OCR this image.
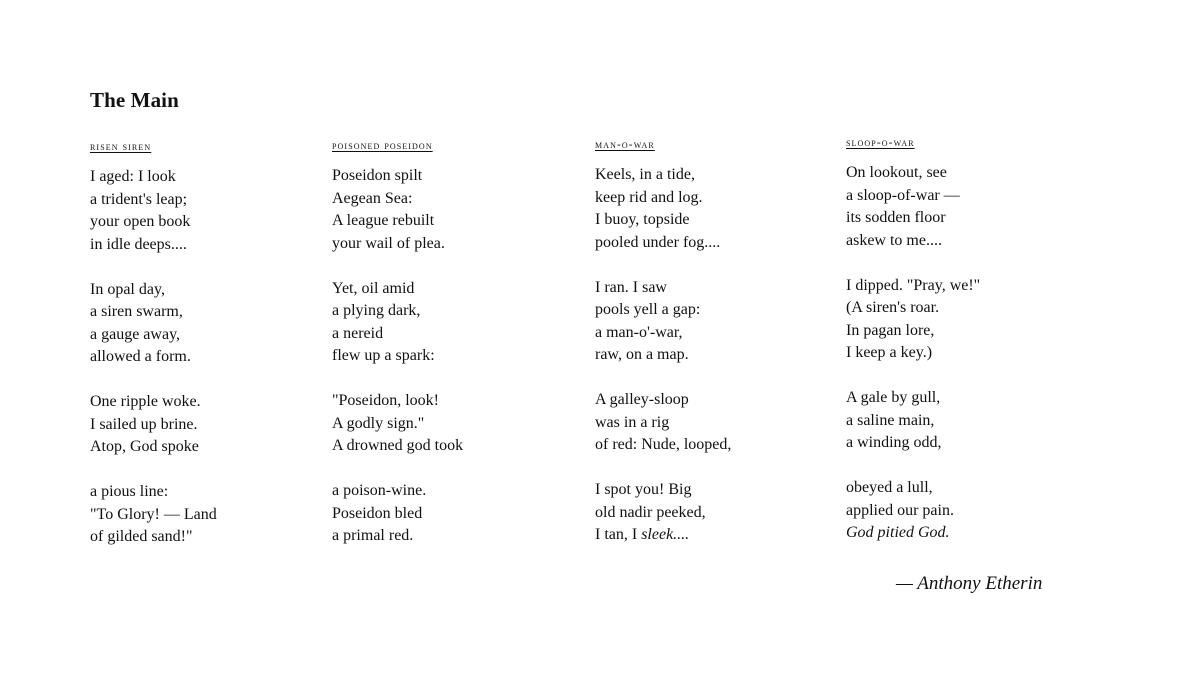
The Main
risen siren
I aged: I look
a trident's leap;
your open book
in idle deeps....
In opal day,
a siren swarm,
a gauge away,
allowed a form.
One ripple woke.
I sailed up brine.
Atop, God spoke
a pious line:
"To Glory! — Land
of gilded sand!"
poisoned poseidon
Poseidon spilt
Aegean Sea:
A league rebuilt
your wail of plea.
Yet, oil amid
a plying dark,
a nereid
flew up a spark:
"Poseidon, look!
A godly sign."
A drowned god took
a poison-wine.
Poseidon bled
a primal red.
man-o-war
Keels, in a tide,
keep rid and log.
I buoy, topside
pooled under fog....
I ran. I saw
pools yell a gap:
a man-o'-war,
raw, on a map.
A galley-sloop
was in a rig
of red: Nude, looped,
I spot you! Big
old nadir peeked,
I tan, I sleek....
sloop-o-war
On lookout, see
a sloop-of-war —
its sodden floor
askew to me....
I dipped. "Pray, we!"
(A siren's roar.
In pagan lore,
I keep a key.)
A gale by gull,
a saline main,
a winding odd,
obeyed a lull,
applied our pain.
God pitied God.
— Anthony Etherin
